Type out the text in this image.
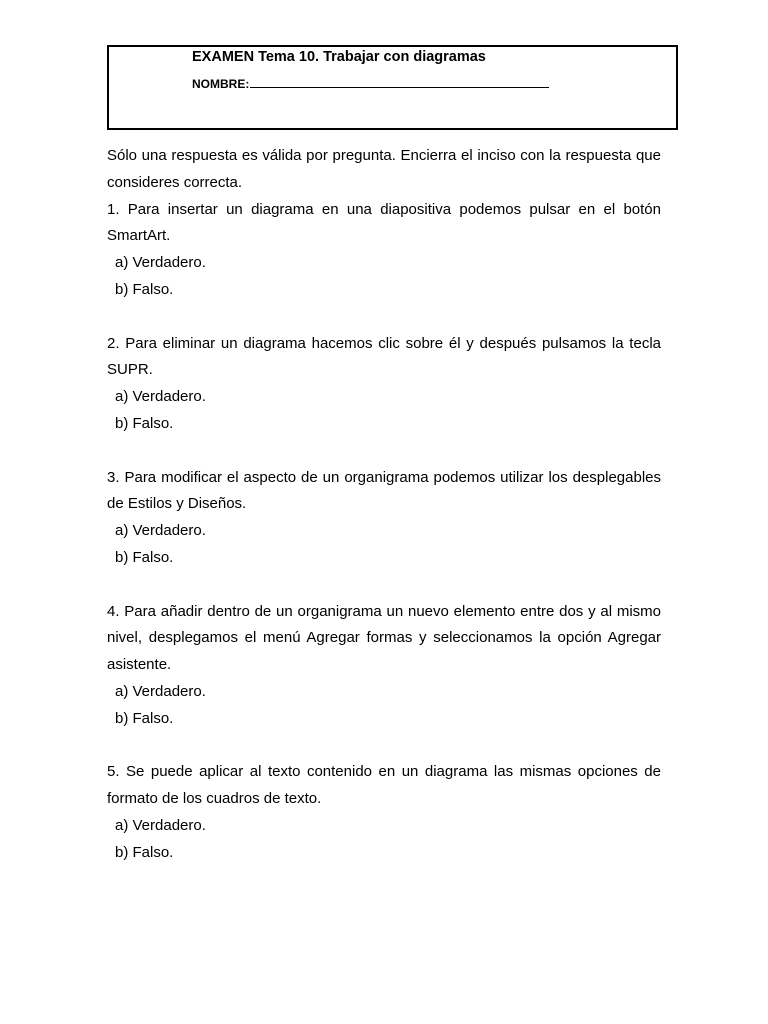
EXAMEN Tema 10. Trabajar con diagramas
NOMBRE:

Sólo una respuesta es válida por pregunta. Encierra el inciso con la respuesta que consideres correcta.

1. Para insertar un diagrama en una diapositiva podemos pulsar en el botón SmartArt.

a) Verdadero.

b) Falso.

2. Para eliminar un diagrama hacemos clic sobre él y después pulsamos la tecla SUPR.

a) Verdadero.

b) Falso.

3. Para modificar el aspecto de un organigrama podemos utilizar los desplegables de Estilos y Diseños.

a) Verdadero.

b) Falso.

4. Para añadir dentro de un organigrama un nuevo elemento entre dos y al mismo nivel, desplegamos el menú Agregar formas y seleccionamos la opción Agregar asistente.

a) Verdadero.

b) Falso.

5. Se puede aplicar al texto contenido en un diagrama las mismas opciones de formato de los cuadros de texto.

a) Verdadero.

b) Falso.
